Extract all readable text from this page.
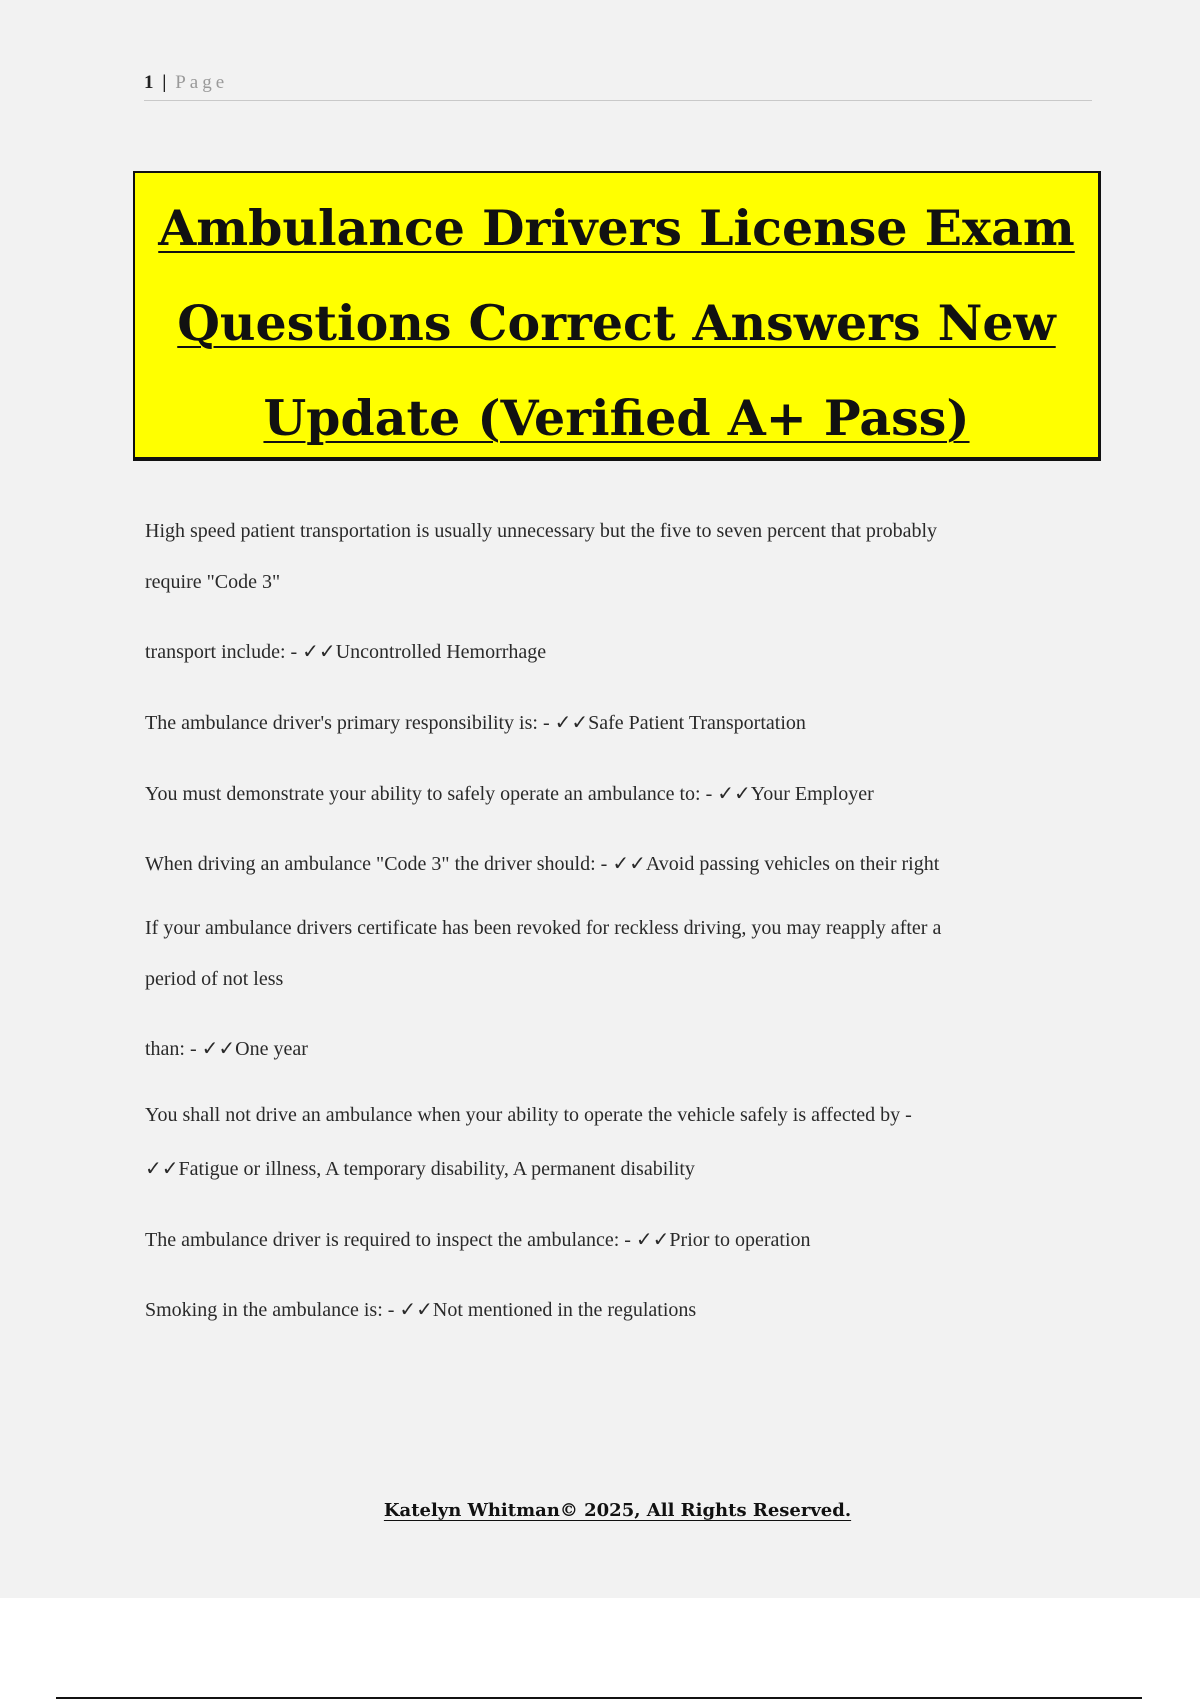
1 | Page
Ambulance Drivers License Exam
Questions Correct Answers New
Update (Verified A+ Pass)

High speed patient transportation is usually unnecessary but the five to seven percent that probably

require "Code 3"

transport include: - ✓✓Uncontrolled Hemorrhage

The ambulance driver's primary responsibility is: - ✓✓Safe Patient Transportation

You must demonstrate your ability to safely operate an ambulance to: - ✓✓Your Employer

When driving an ambulance "Code 3" the driver should: - ✓✓Avoid passing vehicles on their right

If your ambulance drivers certificate has been revoked for reckless driving, you may reapply after a

period of not less

than: - ✓✓One year

You shall not drive an ambulance when your ability to operate the vehicle safely is affected by -

✓✓Fatigue or illness, A temporary disability, A permanent disability

The ambulance driver is required to inspect the ambulance: - ✓✓Prior to operation

Smoking in the ambulance is: - ✓✓Not mentioned in the regulations

Katelyn Whitman© 2025, All Rights Reserved.
